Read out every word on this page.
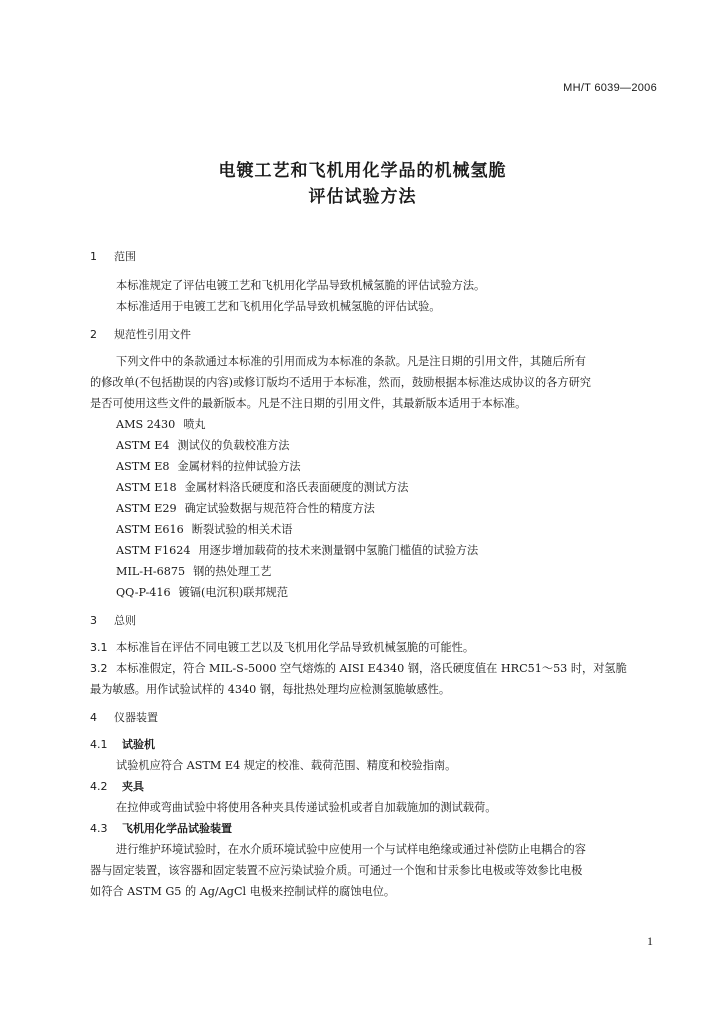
MH/T 6039—2006
电镀工艺和飞机用化学品的机械氢脆
评估试验方法
1 范围
本标准规定了评估电镀工艺和飞机用化学品导致机械氢脆的评估试验方法。
本标准适用于电镀工艺和飞机用化学品导致机械氢脆的评估试验。
2 规范性引用文件
下列文件中的条款通过本标准的引用而成为本标准的条款。凡是注日期的引用文件，其随后所有
的修改单(不包括勘误的内容)或修订版均不适用于本标准，然而，鼓励根据本标准达成协议的各方研究
是否可使用这些文件的最新版本。凡是不注日期的引用文件，其最新版本适用于本标准。
AMS 2430 喷丸
ASTM E4 测试仪的负载校准方法
ASTM E8 金属材料的拉伸试验方法
ASTM E18 金属材料洛氏硬度和洛氏表面硬度的测试方法
ASTM E29 确定试验数据与规范符合性的精度方法
ASTM E616 断裂试验的相关术语
ASTM F1624 用逐步增加载荷的技术来测量钢中氢脆门槛值的试验方法
MIL-H-6875 钢的热处理工艺
QQ-P-416 镀镉(电沉积)联邦规范
3 总则
3.1 本标准旨在评估不同电镀工艺以及飞机用化学品导致机械氢脆的可能性。
3.2 本标准假定，符合 MIL-S-5000 空气熔炼的 AISI E4340 钢，洛氏硬度值在 HRC51～53 时，对氢脆
最为敏感。用作试验试样的 4340 钢，每批热处理均应检测氢脆敏感性。
4 仪器装置
4.1 试验机
试验机应符合 ASTM E4 规定的校准、载荷范围、精度和校验指南。
4.2 夹具
在拉伸或弯曲试验中将使用各种夹具传递试验机或者自加载施加的测试载荷。
4.3 飞机用化学品试验装置
进行维护环境试验时，在水介质环境试验中应使用一个与试样电绝缘或通过补偿防止电耦合的容
器与固定装置，该容器和固定装置不应污染试验介质。可通过一个饱和甘汞参比电极或等效参比电极
如符合 ASTM G5 的 Ag/AgCl 电极来控制试样的腐蚀电位。
1
